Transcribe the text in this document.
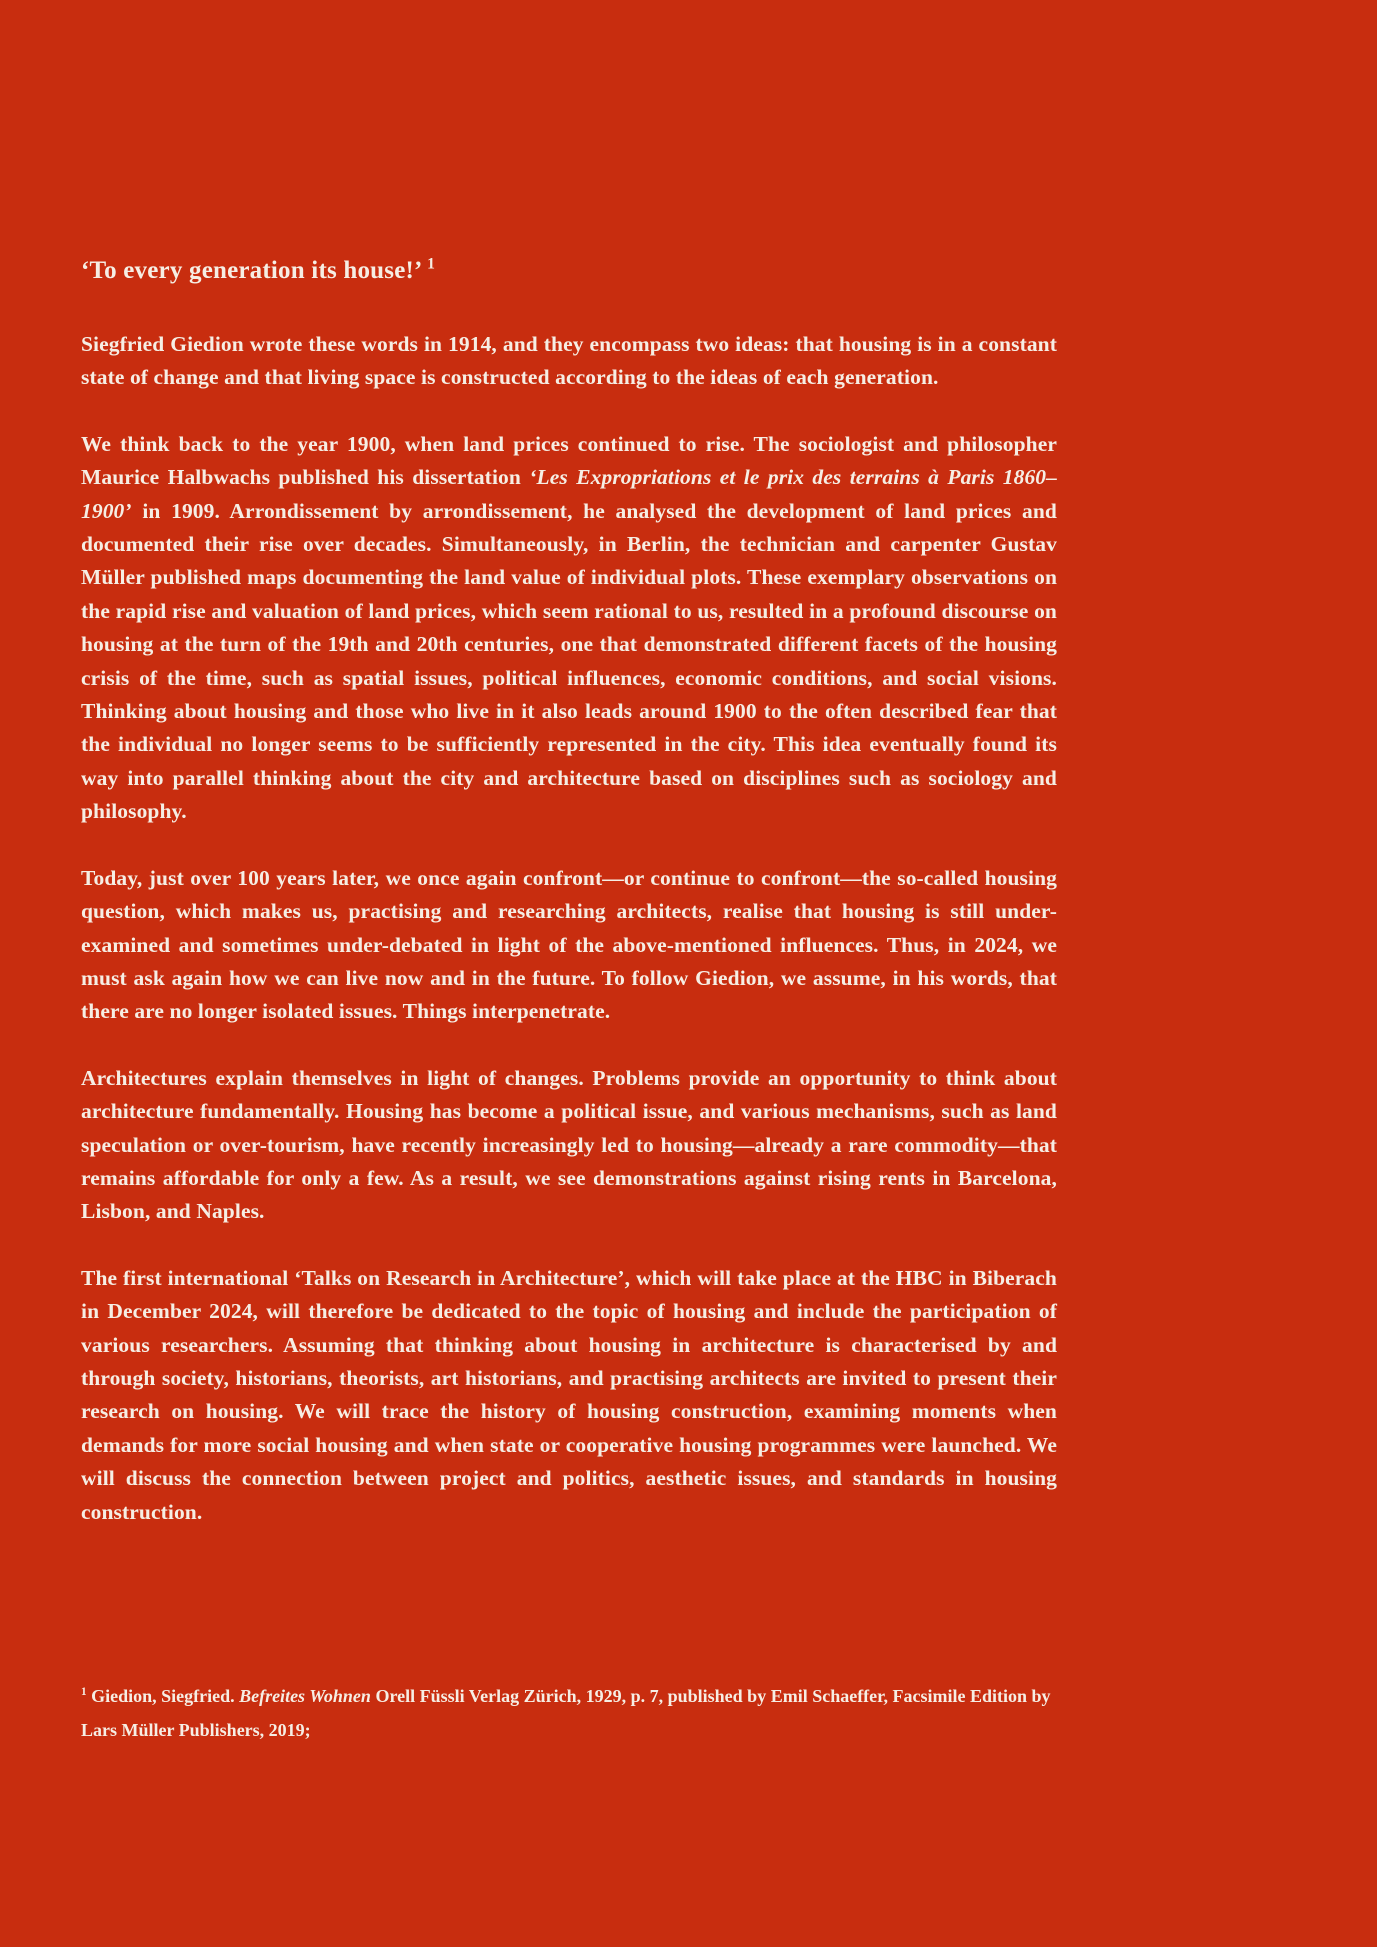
‘To every generation its house!’ $^1$
Siegfried Giedion wrote these words in 1914, and they encompass two ideas: that housing is in a constant state of change and that living space is constructed according to the ideas of each generation.
We think back to the year 1900, when land prices continued to rise. The sociologist and philosopher Maurice Halbwachs published his dissertation ‘Les Expropriations et le prix des terrains à Paris 1860–1900’ in 1909. Arrondissement by arrondissement, he analysed the development of land prices and documented their rise over decades. Simultaneously, in Berlin, the technician and carpenter Gustav Müller published maps documenting the land value of individual plots. These exemplary observations on the rapid rise and valuation of land prices, which seem rational to us, resulted in a profound discourse on housing at the turn of the 19th and 20th centuries, one that demonstrated different facets of the housing crisis of the time, such as spatial issues, political influences, economic conditions, and social visions. Thinking about housing and those who live in it also leads around 1900 to the often described fear that the individual no longer seems to be sufficiently represented in the city. This idea eventually found its way into parallel thinking about the city and architecture based on disciplines such as sociology and philosophy.
Today, just over 100 years later, we once again confront—or continue to confront—the so-called housing question, which makes us, practising and researching architects, realise that housing is still under-examined and sometimes under-debated in light of the above-mentioned influences. Thus, in 2024, we must ask again how we can live now and in the future. To follow Giedion, we assume, in his words, that there are no longer isolated issues. Things interpenetrate.
Architectures explain themselves in light of changes. Problems provide an opportunity to think about architecture fundamentally. Housing has become a political issue, and various mechanisms, such as land speculation or over-tourism, have recently increasingly led to housing—already a rare commodity—that remains affordable for only a few. As a result, we see demonstrations against rising rents in Barcelona, Lisbon, and Naples.
The first international ‘Talks on Research in Architecture’, which will take place at the HBC in Biberach in December 2024, will therefore be dedicated to the topic of housing and include the participation of various researchers. Assuming that thinking about housing in architecture is characterised by and through society, historians, theorists, art historians, and practising architects are invited to present their research on housing. We will trace the history of housing construction, examining moments when demands for more social housing and when state or cooperative housing programmes were launched. We will discuss the connection between project and politics, aesthetic issues, and standards in housing construction.
$^1$ Giedion, Siegfried. Befreites Wohnen Orell Füssli Verlag Zürich, 1929, p. 7, published by Emil Schaeffer, Facsimile Edition by Lars Müller Publishers, 2019;
